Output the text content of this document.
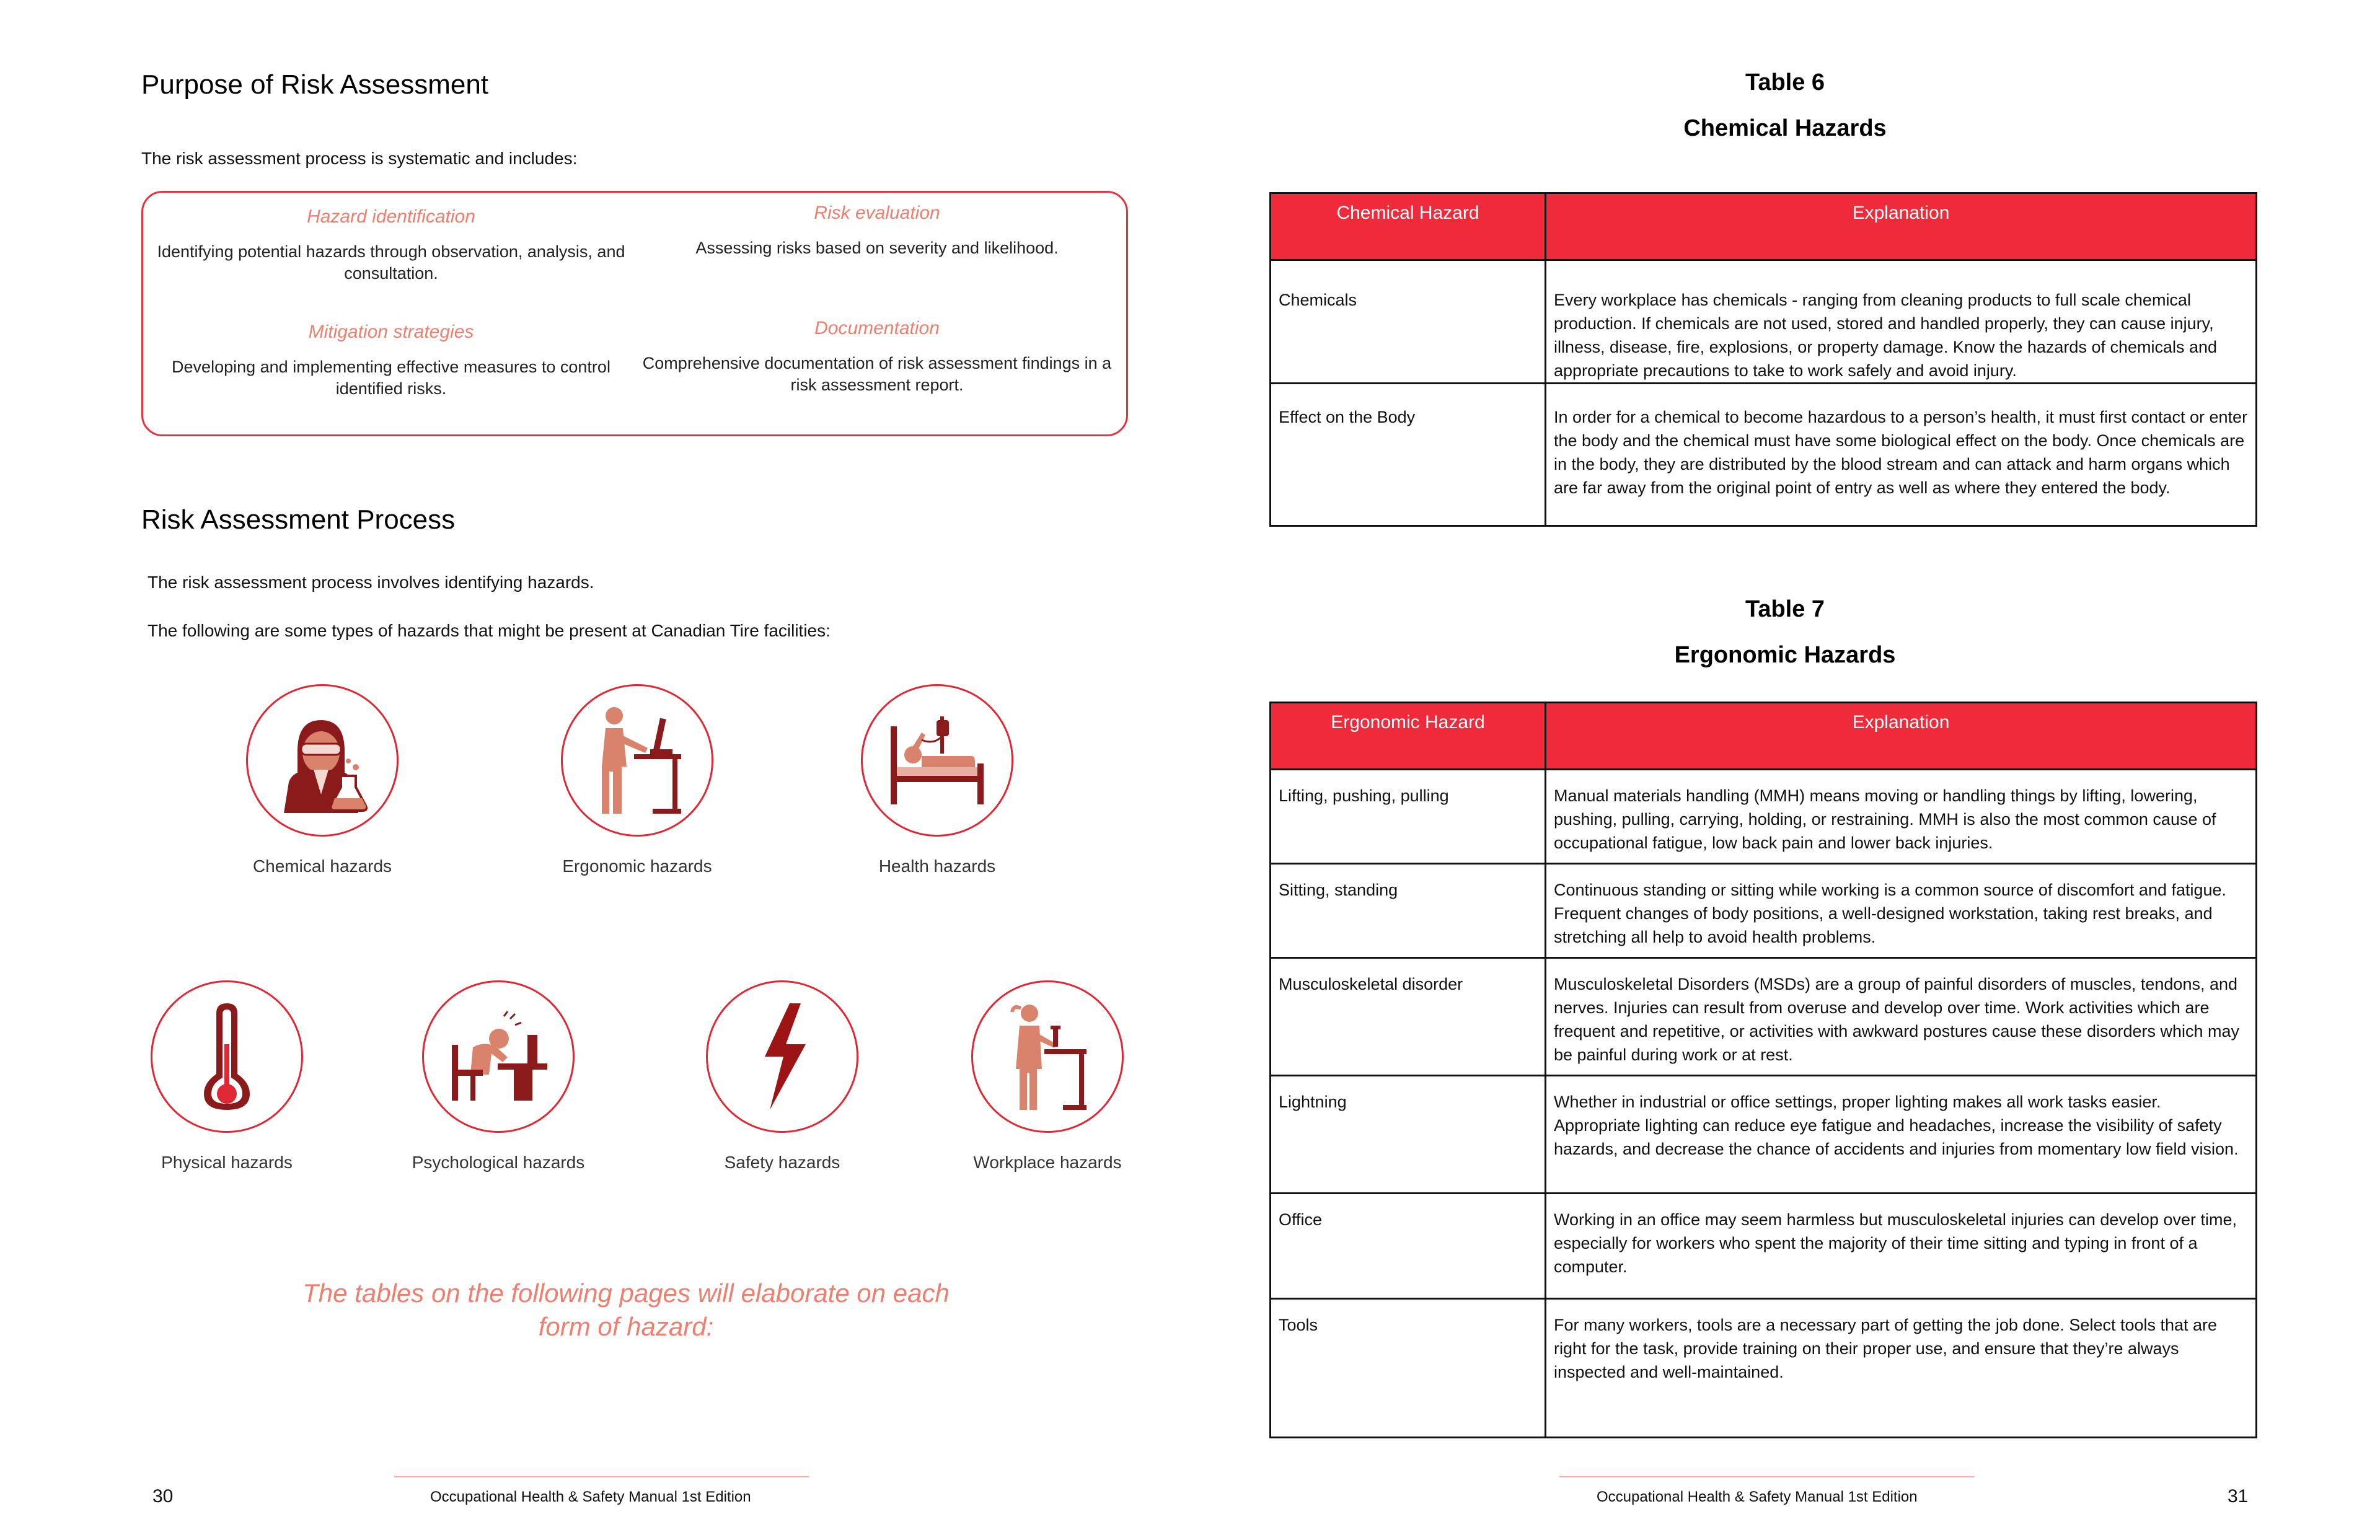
Purpose of Risk Assessment
The risk assessment process is systematic and includes:
Hazard identification
Identifying potential hazards through observation, analysis, and consultation.
Risk evaluation
Assessing risks based on severity and likelihood.
Mitigation strategies
Developing and implementing effective measures to control identified risks.
Documentation
Comprehensive documentation of risk assessment findings in a risk assessment report.
Risk Assessment Process
The risk assessment process involves identifying hazards.
The following are some types of hazards that might be present at Canadian Tire facilities:
Chemical hazards	Ergonomic hazards	Health hazards
Physical hazards	Psychological hazards	Safety hazards	Workplace hazards
The tables on the following pages will elaborate on each form of hazard:
Occupational Health & Safety Manual 1st Edition
30
Table 6
Chemical Hazards
Chemical Hazard	Explanation
Chemicals	Every workplace has chemicals - ranging from cleaning products to full scale chemical production. If chemicals are not used, stored and handled properly, they can cause injury, illness, disease, fire, explosions, or property damage. Know the hazards of chemicals and appropriate precautions to take to work safely and avoid injury.
Effect on the Body	In order for a chemical to become hazardous to a person’s health, it must first contact or enter the body and the chemical must have some biological effect on the body. Once chemicals are in the body, they are distributed by the blood stream and can attack and harm organs which are far away from the original point of entry as well as where they entered the body.
Table 7
Ergonomic Hazards
Ergonomic Hazard	Explanation
Lifting, pushing, pulling	Manual materials handling (MMH) means moving or handling things by lifting, lowering, pushing, pulling, carrying, holding, or restraining. MMH is also the most common cause of occupational fatigue, low back pain and lower back injuries.
Sitting, standing	Continuous standing or sitting while working is a common source of discomfort and fatigue. Frequent changes of body positions, a well-designed workstation, taking rest breaks, and stretching all help to avoid health problems.
Musculoskeletal disorder	Musculoskeletal Disorders (MSDs) are a group of painful disorders of muscles, tendons, and nerves. Injuries can result from overuse and develop over time. Work activities which are frequent and repetitive, or activities with awkward postures cause these disorders which may be painful during work or at rest.
Lightning	Whether in industrial or office settings, proper lighting makes all work tasks easier. Appropriate lighting can reduce eye fatigue and headaches, increase the visibility of safety hazards, and decrease the chance of accidents and injuries from momentary low field vision.
Office	Working in an office may seem harmless but musculoskeletal injuries can develop over time, especially for workers who spent the majority of their time sitting and typing in front of a computer.
Tools	For many workers, tools are a necessary part of getting the job done. Select tools that are right for the task, provide training on their proper use, and ensure that they’re always inspected and well-maintained.
Occupational Health & Safety Manual 1st Edition	31
